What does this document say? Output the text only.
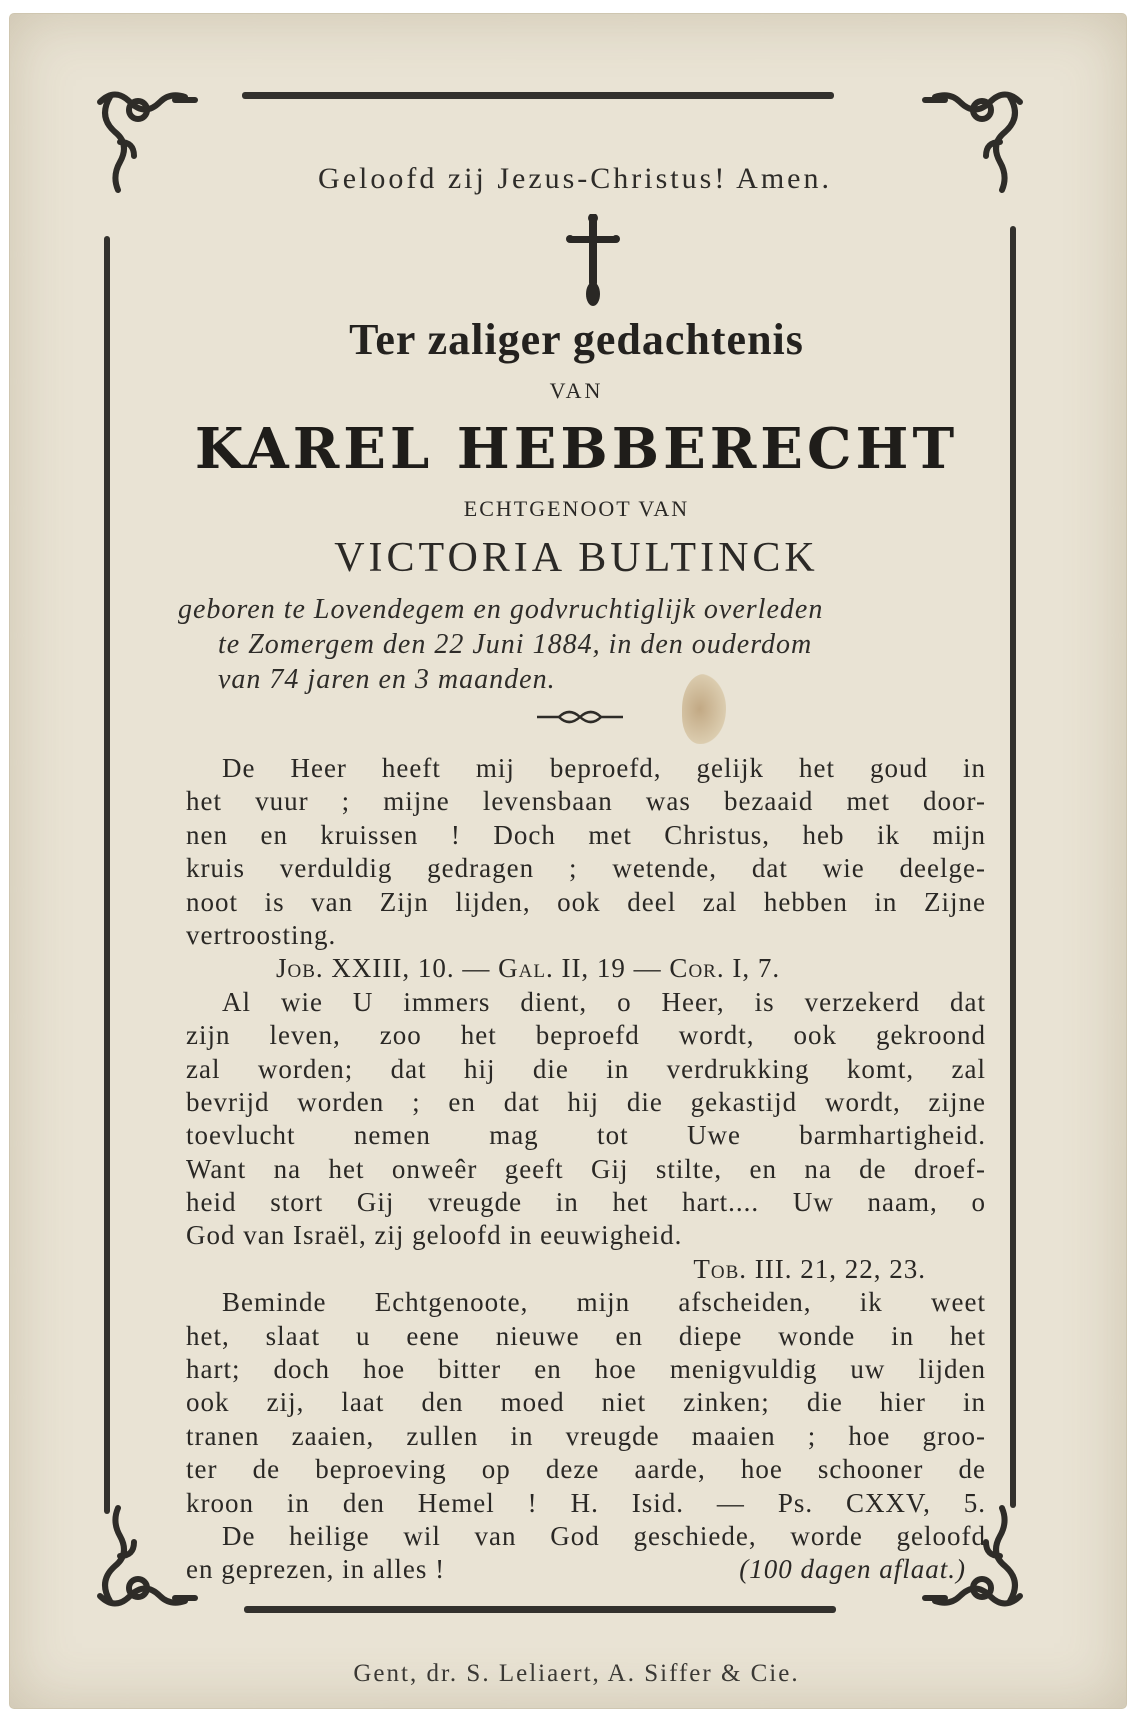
Geloofd zij Jezus-Christus! Amen.
Ter zaliger gedachtenis
VAN
KAREL HEBBERECHT
ECHTGENOOT VAN
VICTORIA BULTINCK
geboren te Lovendegem en godvruchtiglijk overleden
te Zomergem den 22 Juni 1884, in den ouderdom
van 74 jaren en 3 maanden.
De Heer heeft mij beproefd, gelijk het goud in
het vuur ; mijne levensbaan was bezaaid met door-
nen en kruissen ! Doch met Christus, heb ik mijn
kruis verduldig gedragen ; wetende, dat wie deelge-
noot is van Zijn lijden, ook deel zal hebben in Zijne
vertroosting.
Job. XXIII, 10. — Gal. II, 19 — Cor. I, 7.
Al wie U immers dient, o Heer, is verzekerd dat
zijn leven, zoo het beproefd wordt, ook gekroond
zal worden; dat hij die in verdrukking komt, zal
bevrijd worden ; en dat hij die gekastijd wordt, zijne
toevlucht nemen mag tot Uwe barmhartigheid.
Want na het onweêr geeft Gij stilte, en na de droef-
heid stort Gij vreugde in het hart.... Uw naam, o
God van Israël, zij geloofd in eeuwigheid.
Tob. III. 21, 22, 23.
Beminde Echtgenoote, mijn afscheiden, ik weet
het, slaat u eene nieuwe en diepe wonde in het
hart; doch hoe bitter en hoe menigvuldig uw lijden
ook zij, laat den moed niet zinken; die hier in
tranen zaaien, zullen in vreugde maaien ; hoe groo-
ter de beproeving op deze aarde, hoe schooner de
kroon in den Hemel ! H. Isid. — Ps. CXXV, 5.
De heilige wil van God geschiede, worde geloofd
en geprezen, in alles !	(100 dagen aflaat.)
Gent, dr. S. Leliaert, A. Siffer & Cie.
